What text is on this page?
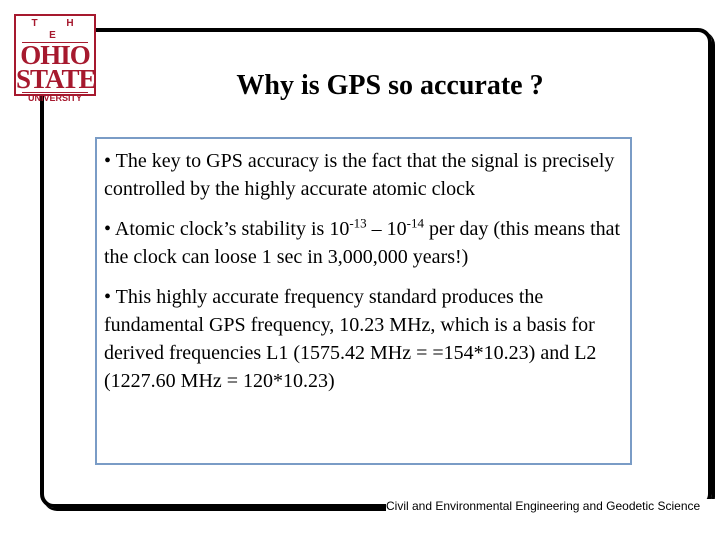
T H E
OHIO
STATE
UNIVERSITY	Why is GPS so accurate ?

• The key to GPS accuracy is the fact that the signal is precisely controlled by the highly accurate atomic clock

• Atomic clock’s stability is $10^{-13} - 10^{-14}$ per day (this means that the clock can loose 1 sec in 3,000,000 years!)

• This highly accurate frequency standard produces the fundamental GPS frequency, 10.23 MHz, which is a basis for derived frequencies L1 (1575.42 MHz = =154*10.23) and L2 (1227.60 MHz = 120*10.23)

Civil and Environmental Engineering and Geodetic Science
